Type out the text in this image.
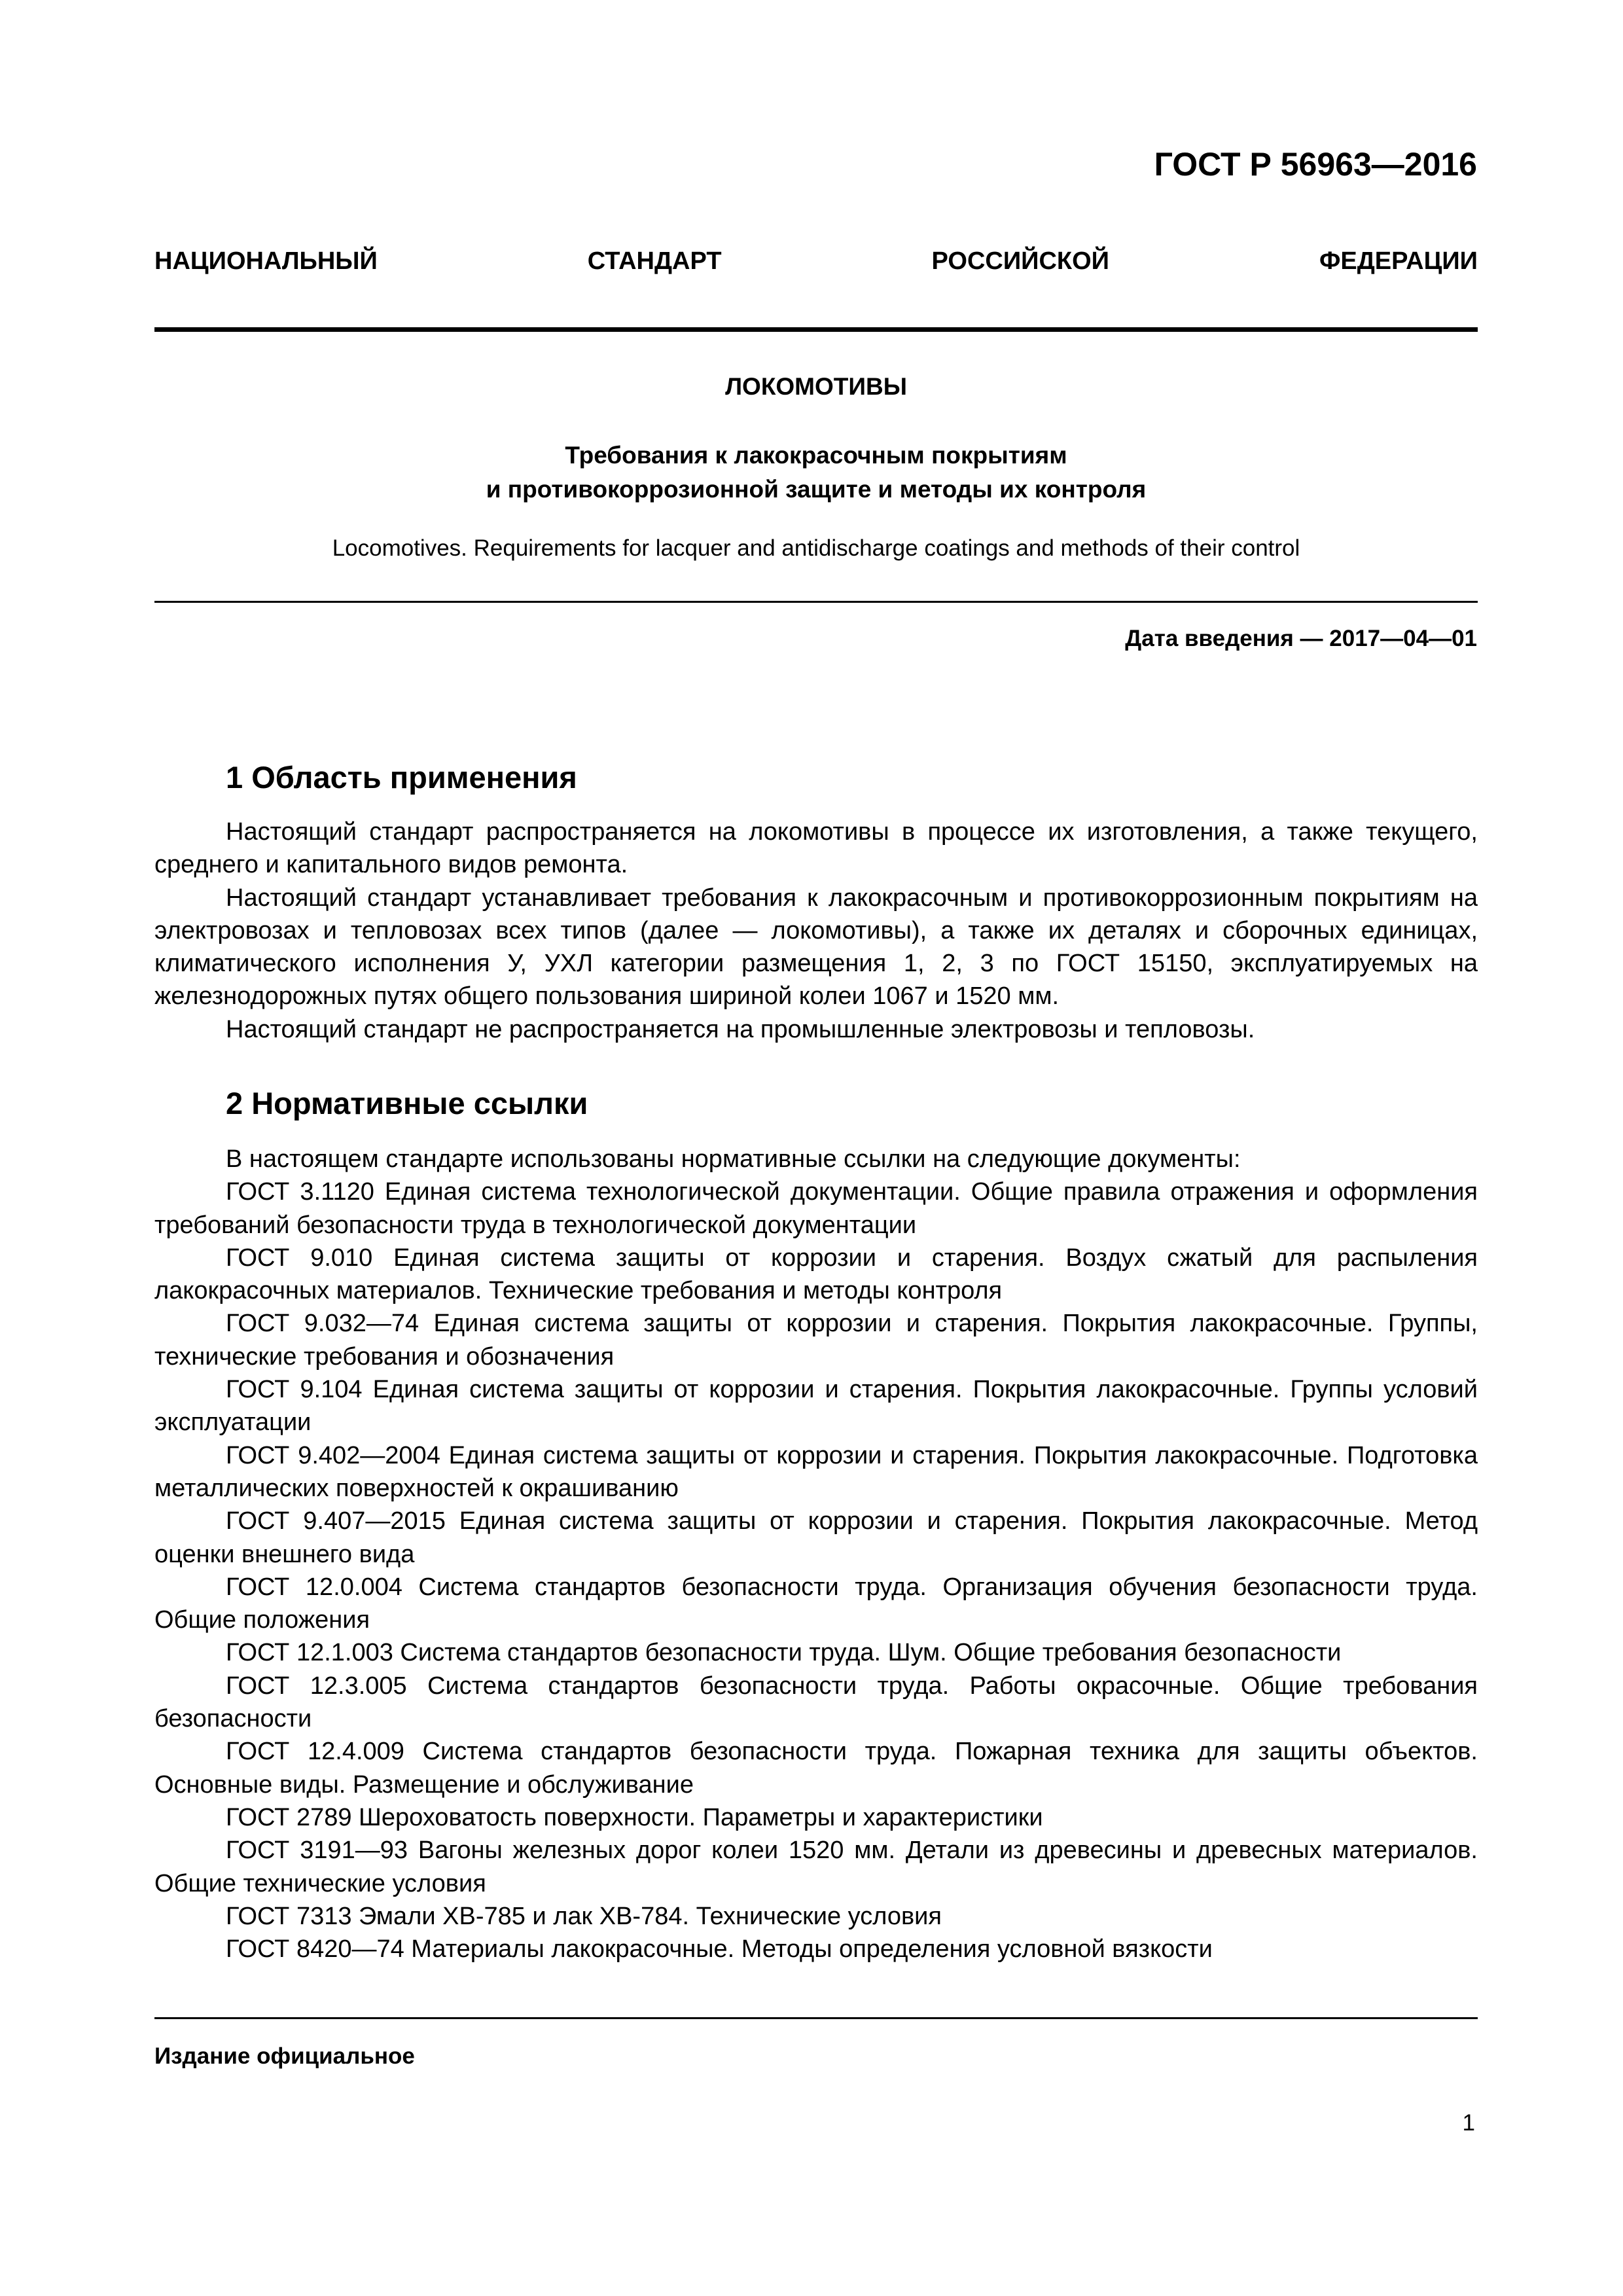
ГОСТ Р 56963—2016
НАЦИОНАЛЬНЫЙ	СТАНДАРТ	РОССИЙСКОЙ	ФЕДЕРАЦИИ
ЛОКОМОТИВЫ
Требования к лакокрасочным покрытиям
и противокоррозионной защите и методы их контроля
Locomotives. Requirements for lacquer and antidischarge coatings and methods of their control
Дата введения — 2017—04—01
1 Область применения

Настоящий стандарт распространяется на локомотивы в процессе их изготовления, а также текущего, среднего и капитального видов ремонта.

Настоящий стандарт устанавливает требования к лакокрасочным и противокоррозионным покрытиям на электровозах и тепловозах всех типов (далее — локомотивы), а также их деталях и сборочных единицах, климатического исполнения У, УХЛ категории размещения 1, 2, 3 по ГОСТ 15150, эксплуатируемых на железнодорожных путях общего пользования шириной колеи 1067 и 1520 мм.

Настоящий стандарт не распространяется на промышленные электровозы и тепловозы.

2 Нормативные ссылки

В настоящем стандарте использованы нормативные ссылки на следующие документы:

ГОСТ 3.1120 Единая система технологической документации. Общие правила отражения и оформления требований безопасности труда в технологической документации

ГОСТ 9.010 Единая система защиты от коррозии и старения. Воздух сжатый для распыления лакокрасочных материалов. Технические требования и методы контроля

ГОСТ 9.032—74 Единая система защиты от коррозии и старения. Покрытия лакокрасочные. Группы, технические требования и обозначения

ГОСТ 9.104 Единая система защиты от коррозии и старения. Покрытия лакокрасочные. Группы условий эксплуатации

ГОСТ 9.402—2004 Единая система защиты от коррозии и старения. Покрытия лакокрасочные. Подготовка металлических поверхностей к окрашиванию

ГОСТ 9.407—2015 Единая система защиты от коррозии и старения. Покрытия лакокрасочные. Метод оценки внешнего вида

ГОСТ 12.0.004 Система стандартов безопасности труда. Организация обучения безопасности труда. Общие положения

ГОСТ 12.1.003 Система стандартов безопасности труда. Шум. Общие требования безопасности

ГОСТ 12.3.005 Система стандартов безопасности труда. Работы окрасочные. Общие требования безопасности

ГОСТ 12.4.009 Система стандартов безопасности труда. Пожарная техника для защиты объектов. Основные виды. Размещение и обслуживание

ГОСТ 2789 Шероховатость поверхности. Параметры и характеристики

ГОСТ 3191—93 Вагоны железных дорог колеи 1520 мм. Детали из древесины и древесных материалов. Общие технические условия

ГОСТ 7313 Эмали ХВ-785 и лак ХВ-784. Технические условия

ГОСТ 8420—74 Материалы лакокрасочные. Методы определения условной вязкости

Издание официальное
1
